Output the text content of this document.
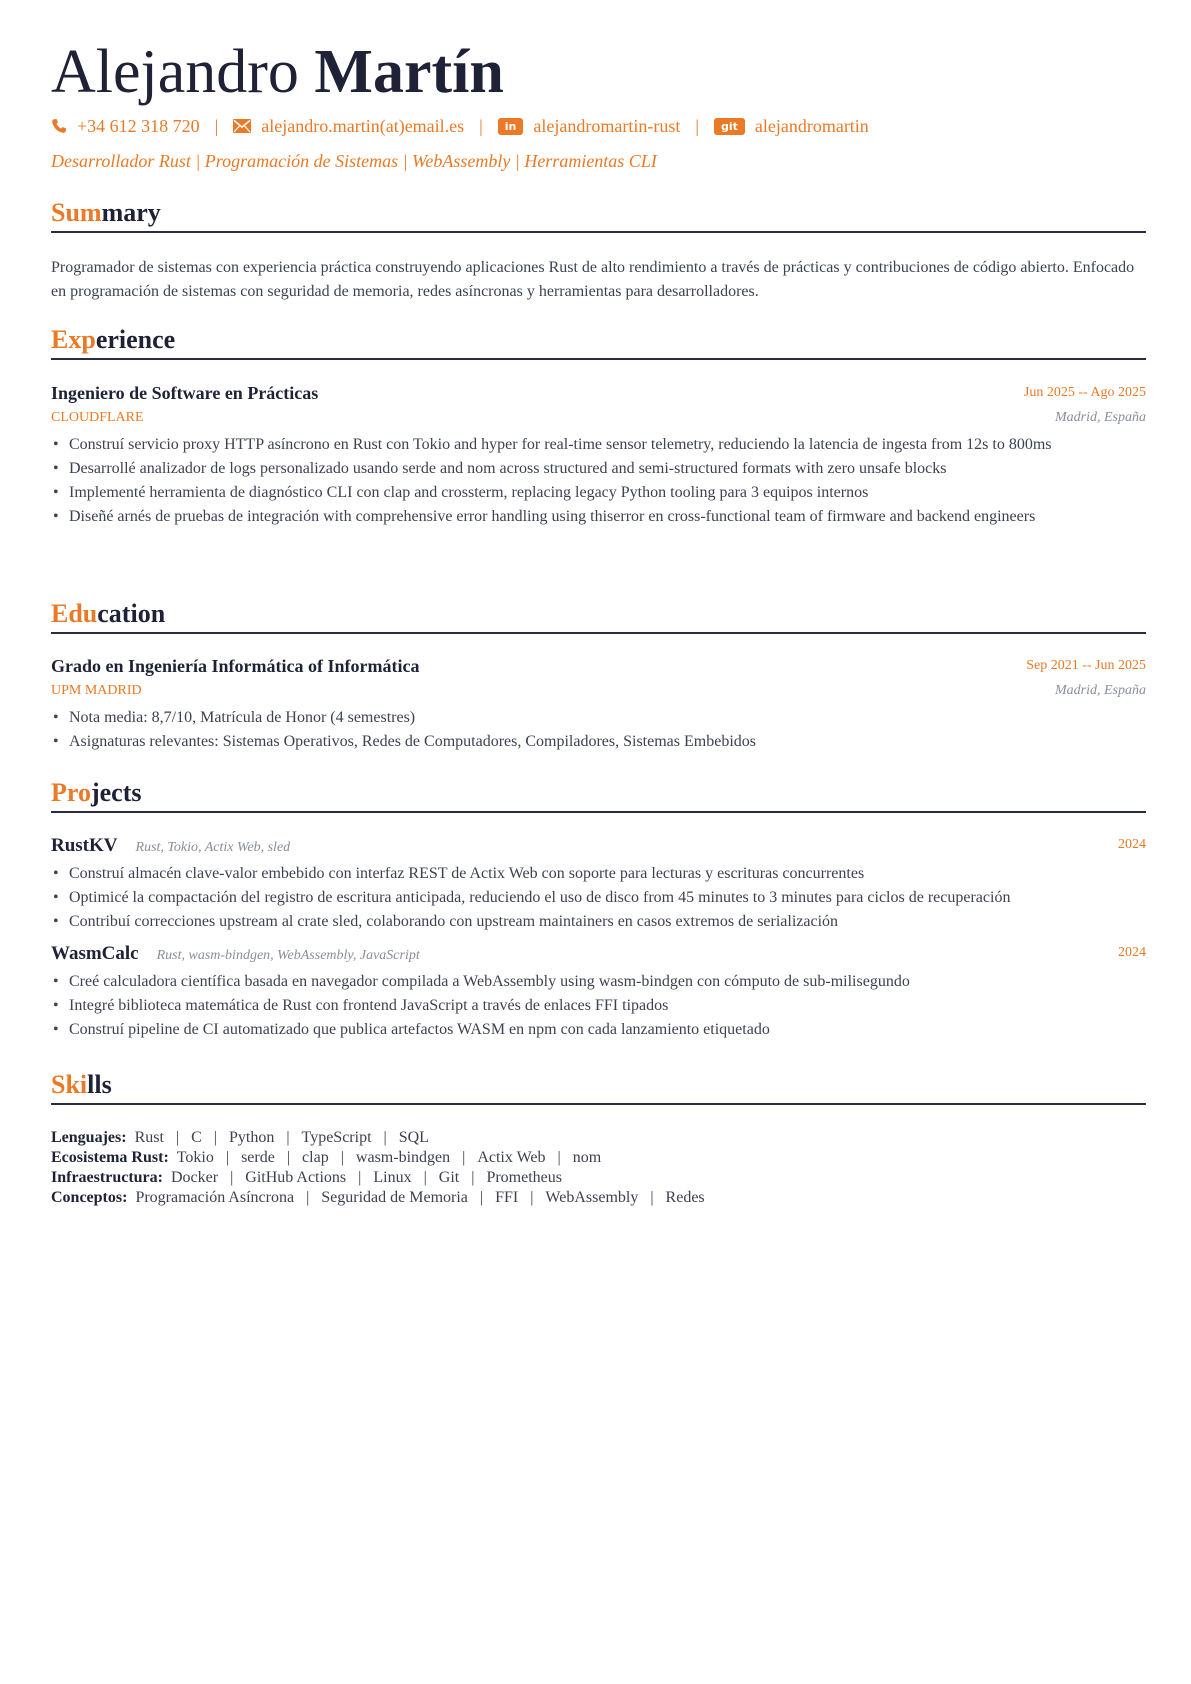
Alejandro Martín
+34 612 318 720 | alejandro.martin(at)email.es |	in alejandromartin-rust |	git alejandromartin
Desarrollador Rust | Programación de Sistemas | WebAssembly | Herramientas CLI
Summary
Programador de sistemas con experiencia práctica construyendo aplicaciones Rust de alto rendimiento a través de prácticas y contribuciones de código abierto. Enfocado en programación de sistemas con seguridad de memoria, redes asíncronas y herramientas para desarrolladores.
Experience
Ingeniero de Software en Prácticas	Jun 2025 -- Ago 2025
CLOUDFLARE	Madrid, España
• Construí servicio proxy HTTP asíncrono en Rust con Tokio and hyper for real-time sensor telemetry, reduciendo la latencia de ingesta from 12s to 800ms
• Desarrollé analizador de logs personalizado usando serde and nom across structured and semi-structured formats with zero unsafe blocks
• Implementé herramienta de diagnóstico CLI con clap and crossterm, replacing legacy Python tooling para 3 equipos internos
• Diseñé arnés de pruebas de integración with comprehensive error handling using thiserror en cross-functional team of firmware and backend engineers
Education
Grado en Ingeniería Informática of Informática	Sep 2021 -- Jun 2025
UPM MADRID	Madrid, España
• Nota media: 8,7/10, Matrícula de Honor (4 semestres)
• Asignaturas relevantes: Sistemas Operativos, Redes de Computadores, Compiladores, Sistemas Embebidos
Projects
RustKV Rust, Tokio, Actix Web, sled	2024
• Construí almacén clave-valor embebido con interfaz REST de Actix Web con soporte para lecturas y escrituras concurrentes
• Optimicé la compactación del registro de escritura anticipada, reduciendo el uso de disco from 45 minutes to 3 minutes para ciclos de recuperación
• Contribuí correcciones upstream al crate sled, colaborando con upstream maintainers en casos extremos de serialización
WasmCalc Rust, wasm-bindgen, WebAssembly, JavaScript	2024
• Creé calculadora científica basada en navegador compilada a WebAssembly using wasm-bindgen con cómputo de sub-milisegundo
• Integré biblioteca matemática de Rust con frontend JavaScript a través de enlaces FFI tipados
• Construí pipeline de CI automatizado que publica artefactos WASM en npm con cada lanzamiento etiquetado
Skills
Lenguajes: Rust | C | Python | TypeScript | SQL
Ecosistema Rust: Tokio | serde | clap | wasm-bindgen | Actix Web | nom
Infraestructura: Docker | GitHub Actions | Linux | Git | Prometheus
Conceptos: Programación Asíncrona | Seguridad de Memoria | FFI | WebAssembly | Redes
